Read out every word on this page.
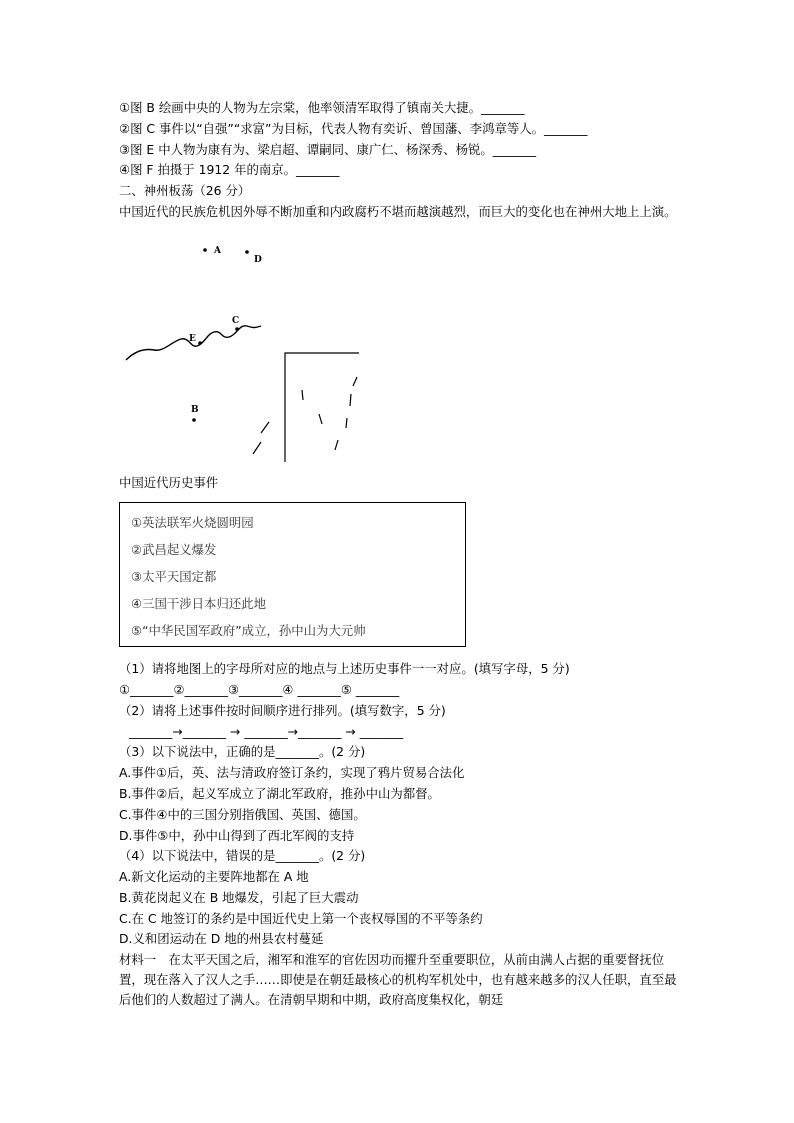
①图 B 绘画中央的人物为左宗棠，他率领清军取得了镇南关大捷。_______
②图 C 事件以“自强”“求富”为目标，代表人物有奕䜣、曾国藩、李鸿章等人。_______
③图 E 中人物为康有为、梁启超、谭嗣同、康广仁、杨深秀、杨锐。_______
④图 F 拍摄于 1912 年的南京。_______
二、神州板荡（26 分）
中国近代的民族危机因外辱不断加重和内政腐朽不堪而越演越烈，而巨大的变化也在神州大地上上演。
A
D
C
E
B
中国近代历史事件
①英法联军火烧圆明园
②武昌起义爆发
③太平天国定都
④三国干涉日本归还此地
⑤“中华民国军政府”成立，孙中山为大元帅
（1）请将地图上的字母所对应的地点与上述历史事件一一对应。(填写字母，5 分)
①_______②_______③_______④ _______⑤ _______
（2）请将上述事件按时间顺序进行排列。(填写数字，5 分)
_______→_______ → _______→_______ → _______
（3）以下说法中，正确的是_______。(2 分)
A.事件①后，英、法与清政府签订条约，实现了鸦片贸易合法化
B.事件②后，起义军成立了湖北军政府，推孙中山为都督。
C.事件④中的三国分别指俄国、英国、德国。
D.事件⑤中，孙中山得到了西北军阀的支持
（4）以下说法中，错误的是_______。(2 分)
A.新文化运动的主要阵地都在 A 地
B.黄花岗起义在 B 地爆发，引起了巨大震动
C.在 C 地签订的条约是中国近代史上第一个丧权辱国的不平等条约
D.义和团运动在 D 地的州县农村蔓延
材料一　在太平天国之后，湘军和淮军的官佐因功而擢升至重要职位，从前由满人占据的重要督抚位置，现在落入了汉人之手……即使是在朝廷最核心的机构军机处中，也有越来越多的汉人任职，直至最后他们的人数超过了满人。在清朝早期和中期，政府高度集权化，朝廷
